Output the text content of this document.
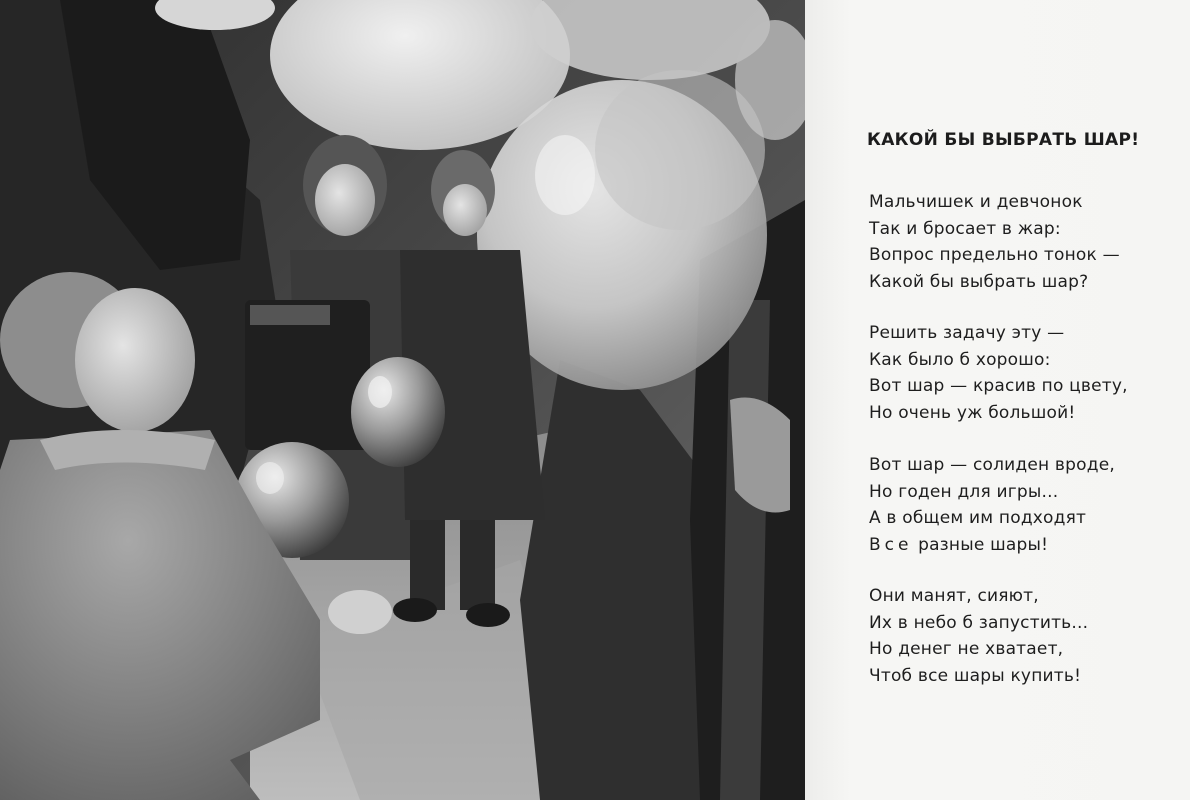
КАКОЙ БЫ ВЫБРАТЬ ШАР!
Мальчишек и девчонок
Так и бросает в жар:
Вопрос предельно тонок —
Какой бы выбрать шар?
Решить задачу эту —
Как было б хорошо:
Вот шар — красив по цвету,
Но очень уж большой!
Вот шар — солиден вроде,
Но годен для игры...
А в общем им подходят
Все разные шары!
Они манят, сияют,
Их в небо б запустить...
Но денег не хватает,
Чтоб все шары купить!
